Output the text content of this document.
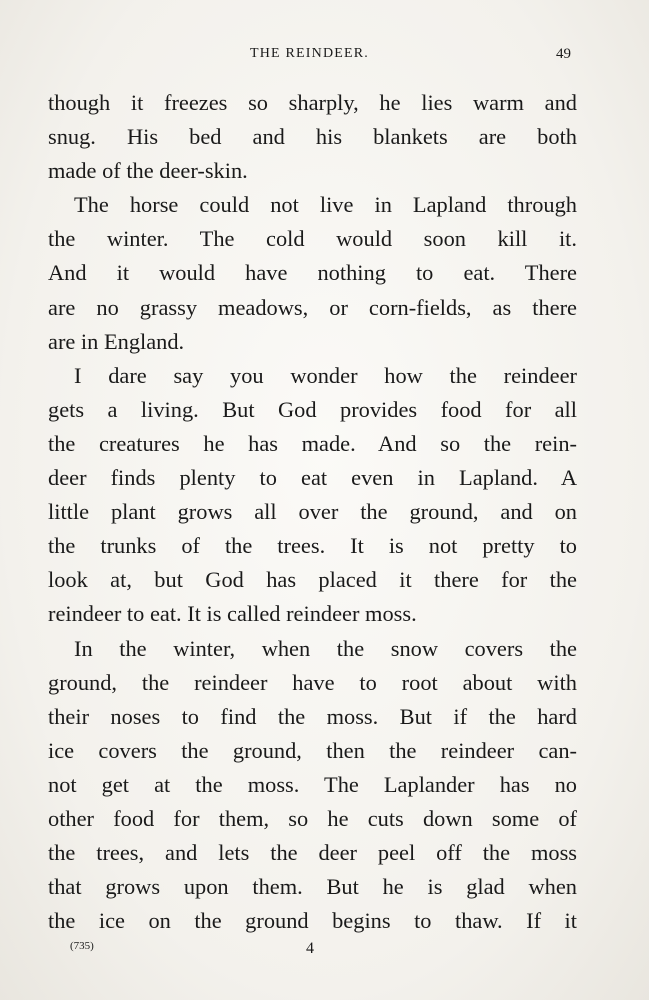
THE REINDEER.	49
though it freezes so sharply, he lies warm and
snug. His bed and his blankets are both
made of the deer-skin.
The horse could not live in Lapland through
the winter. The cold would soon kill it.
And it would have nothing to eat. There
are no grassy meadows, or corn-fields, as there
are in England.
I dare say you wonder how the reindeer
gets a living. But God provides food for all
the creatures he has made. And so the rein-
deer finds plenty to eat even in Lapland. A
little plant grows all over the ground, and on
the trunks of the trees. It is not pretty to
look at, but God has placed it there for the
reindeer to eat. It is called reindeer moss.
In the winter, when the snow covers the
ground, the reindeer have to root about with
their noses to find the moss. But if the hard
ice covers the ground, then the reindeer can-
not get at the moss. The Laplander has no
other food for them, so he cuts down some of
the trees, and lets the deer peel off the moss
that grows upon them. But he is glad when
the ice on the ground begins to thaw. If it
(735)	4
